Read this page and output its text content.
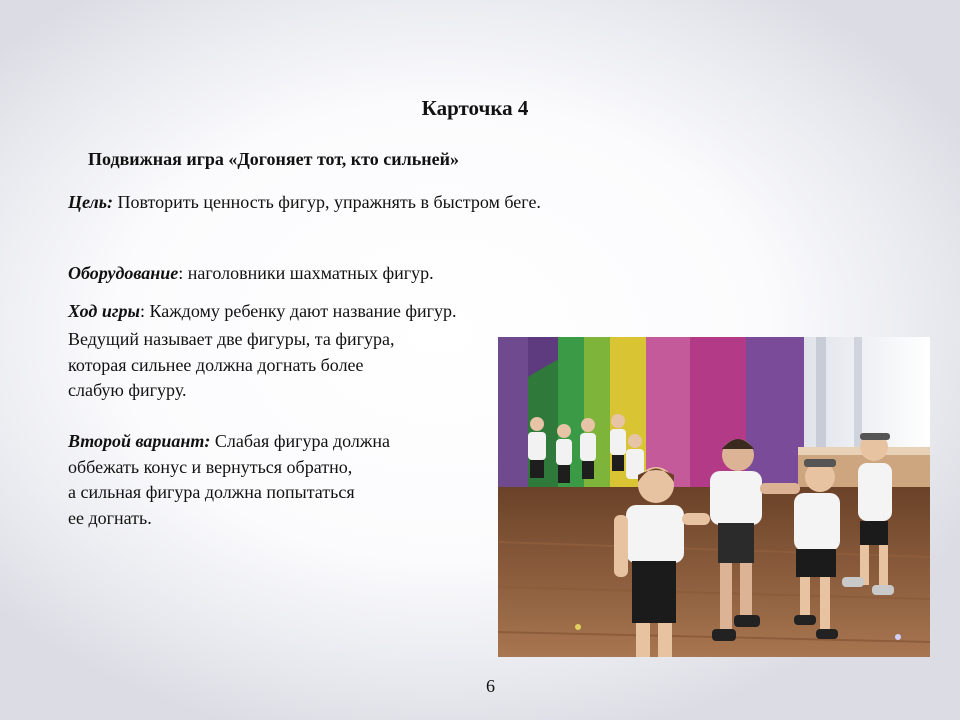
Карточка 4
Подвижная игра «Догоняет тот, кто сильней»
Цель: Повторить ценность фигур, упражнять в быстром беге.
Оборудование: наголовники шахматных фигур.
Ход игры: Каждому ребенку дают название фигур.
Ведущий называет две фигуры, та фигура,
которая сильнее должна догнать более
слабую фигуру.
Второй вариант: Слабая фигура должна
оббежать конус и вернуться обратно,
а сильная фигура должна попытаться
ее догнать.
6
